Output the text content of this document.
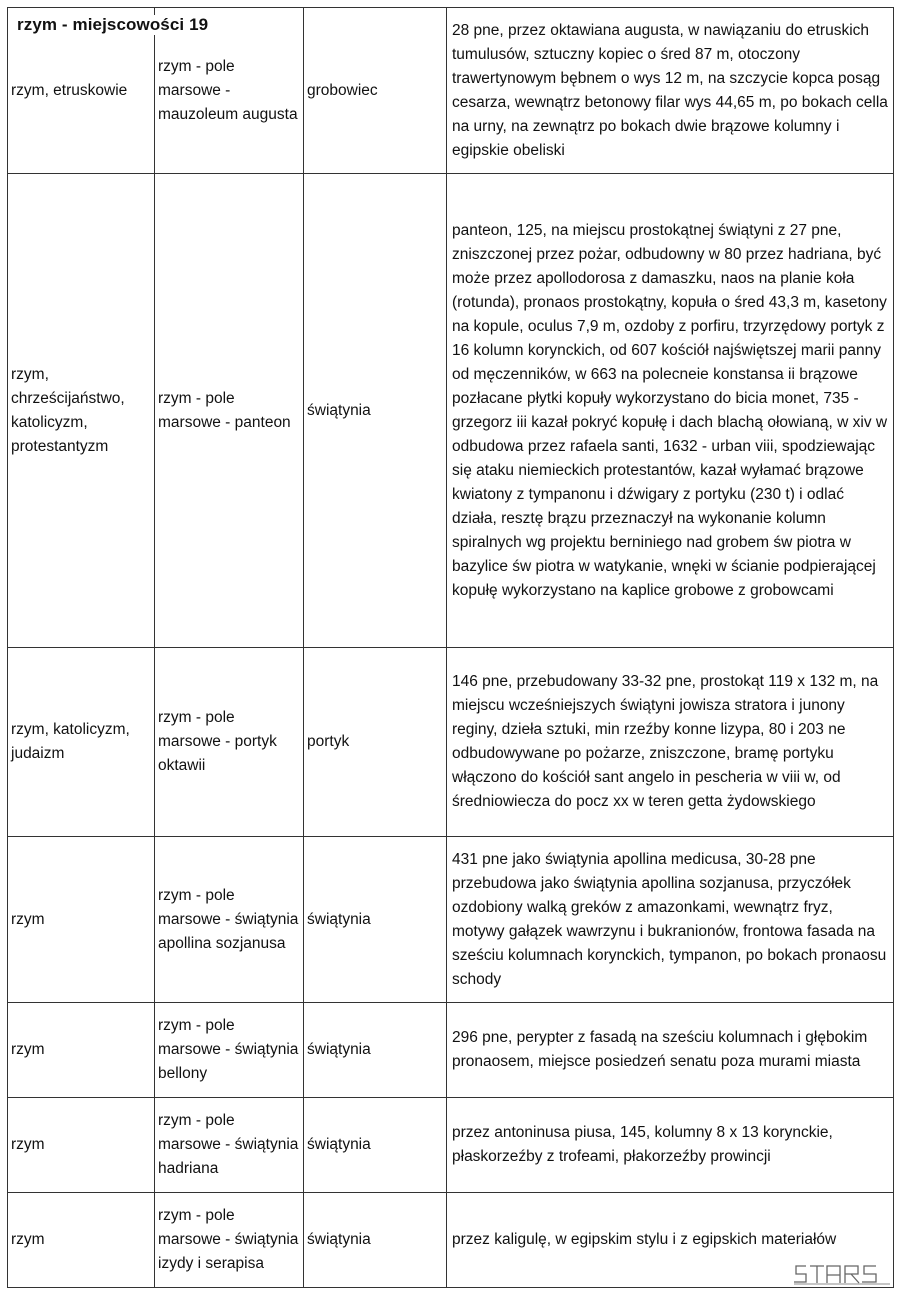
rzym - miejscowości 19
rzym, etruskowie	rzym - pole marsowe - mauzoleum augusta	grobowiec	28 pne, przez oktawiana augusta, w nawiązaniu do etruskich tumulusów, sztuczny kopiec o śred 87 m, otoczony trawertynowym bębnem o wys 12 m, na szczycie kopca posąg cesarza, wewnątrz betonowy filar wys 44,65 m, po bokach cella na urny, na zewnątrz po bokach dwie brązowe kolumny i egipskie obeliski
rzym, chrześcijaństwo, katolicyzm, protestantyzm	rzym - pole marsowe - panteon	świątynia	panteon, 125, na miejscu prostokątnej świątyni z 27 pne, zniszczonej przez pożar, odbudowny w 80 przez hadriana, być może przez apollodorosa z damaszku, naos na planie koła (rotunda), pronaos prostokątny, kopuła o śred 43,3 m, kasetony na kopule, oculus 7,9 m, ozdoby z porfiru, trzyrzędowy portyk z 16 kolumn korynckich, od 607 kościół najświętszej marii panny od męczenników, w 663 na polecneie konstansa ii brązowe pozłacane płytki kopuły wykorzystano do bicia monet, 735 - grzegorz iii kazał pokryć kopułę i dach blachą ołowianą, w xiv w odbudowa przez rafaela santi, 1632 - urban viii, spodziewając się ataku niemieckich protestantów, kazał wyłamać brązowe kwiatony z tympanonu i dźwigary z portyku (230 t) i odlać działa, resztę brązu przeznaczył na wykonanie kolumn spiralnych wg projektu berniniego nad grobem św piotra w bazylice św piotra w watykanie, wnęki w ścianie podpierającej kopułę wykorzystano na kaplice grobowe z grobowcami
rzym, katolicyzm, judaizm	rzym - pole marsowe - portyk oktawii	portyk	146 pne, przebudowany 33-32 pne, prostokąt 119 x 132 m, na miejscu wcześniejszych świątyni jowisza stratora i junony reginy, dzieła sztuki, min rzeźby konne lizypa, 80 i 203 ne odbudowywane po pożarze, zniszczone, bramę portyku włączono do kościół sant angelo in pescheria w viii w, od średniowiecza do pocz xx w teren getta żydowskiego
rzym	rzym - pole marsowe - świątynia apollina sozjanusa	świątynia	431 pne jako świątynia apollina medicusa, 30-28 pne przebudowa jako świątynia apollina sozjanusa, przyczółek ozdobiony walką greków z amazonkami, wewnątrz fryz, motywy gałązek wawrzynu i bukranionów, frontowa fasada na sześciu kolumnach korynckich, tympanon, po bokach pronaosu schody
rzym	rzym - pole marsowe - świątynia bellony	świątynia	296 pne, perypter z fasadą na sześciu kolumnach i głębokim pronaosem, miejsce posiedzeń senatu poza murami miasta
rzym	rzym - pole marsowe - świątynia hadriana	świątynia	przez antoninusa piusa, 145, kolumny 8 x 13 korynckie, płaskorzeźby z trofeami, płakorzeźby prowincji
rzym	rzym - pole marsowe - świątynia izydy i serapisa	świątynia	przez kaligulę, w egipskim stylu i z egipskich materiałów
